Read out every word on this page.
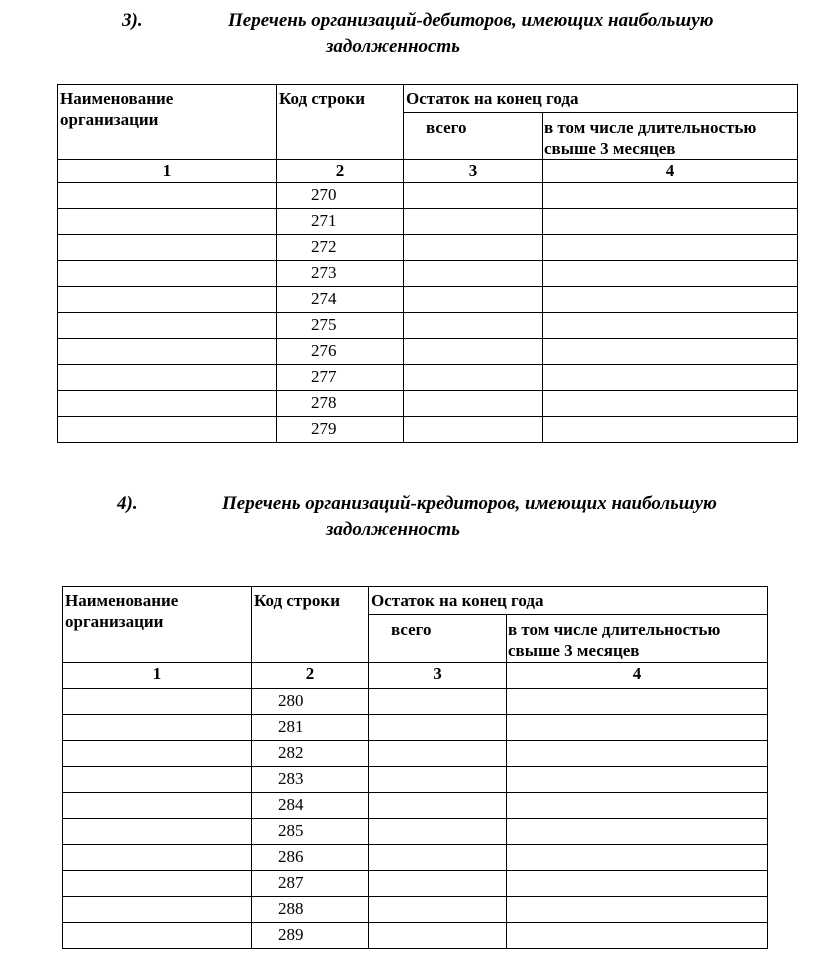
3).	Перечень организаций-дебиторов, имеющих наибольшую
задолженность
Наименование организации	Код строки	Остаток на конец года	
		всего	в том числе длительностью свыше 3 месяцев
1	2	3	4
	270		
	271		
	272		
	273		
	274		
	275		
	276		
	277		
	278		
	279		
4).	Перечень организаций-кредиторов, имеющих наибольшую
задолженность
Наименование организации	Код строки	Остаток на конец года	
		всего	в том числе длительностью свыше 3 месяцев
1	2	3	4
	280		
	281		
	282		
	283		
	284		
	285		
	286		
	287		
	288		
	289		
